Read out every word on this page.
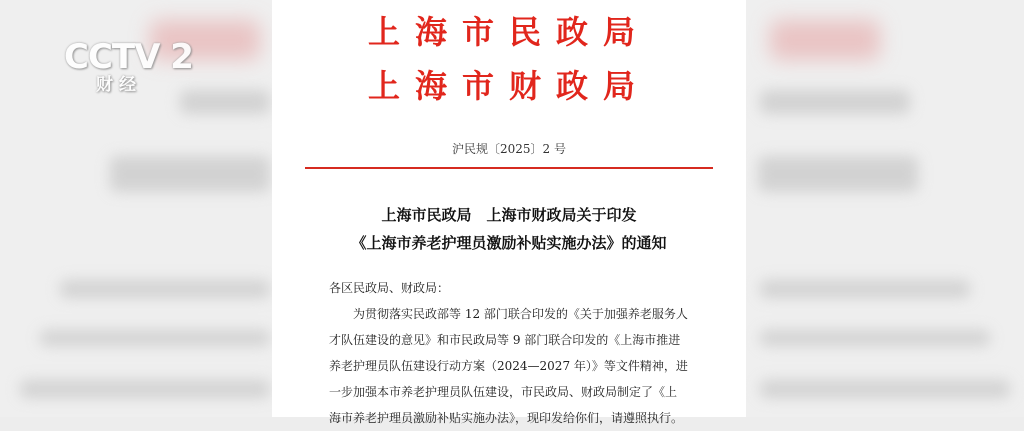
CCTV 2
财经
上海市民政局
上海市财政局
沪民规〔2025〕2 号
上海市民政局　上海市财政局关于印发
《上海市养老护理员激励补贴实施办法》的通知
各区民政局、财政局：
为贯彻落实民政部等 12 部门联合印发的《关于加强养老服务人
才队伍建设的意见》和市民政局等 9 部门联合印发的《上海市推进
养老护理员队伍建设行动方案（2024—2027 年）》等文件精神，进
一步加强本市养老护理员队伍建设，市民政局、财政局制定了《上
海市养老护理员激励补贴实施办法》，现印发给你们，请遵照执行。
